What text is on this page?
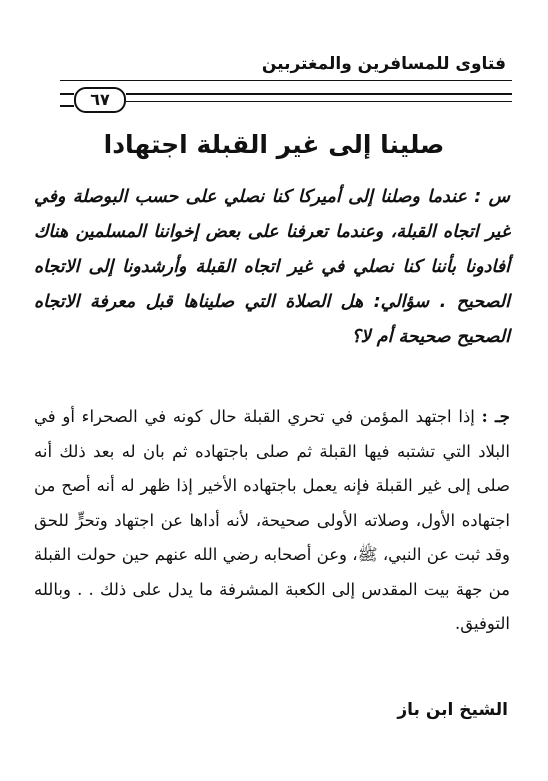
فتاوى للمسافرين والمغتربين
٦٧
صلينا إلى غير القبلة اجتهادا
س : عندما وصلنا إلى أميركا كنا نصلي على حسب البوصلة وفي غير اتجاه القبلة، وعندما تعرفنا على بعض إخواننا المسلمين هناك أفادونا بأننا كنا نصلي في غير اتجاه القبلة وأرشدونا إلى الاتجاه الصحيح . سؤالي: هل الصلاة التي صليناها قبل معرفة الاتجاه الصحيح صحيحة أم لا؟
جـ : إذا اجتهد المؤمن في تحري القبلة حال كونه في الصحراء أو في البلاد التي تشتبه فيها القبلة ثم صلى باجتهاده ثم بان له بعد ذلك أنه صلى إلى غير القبلة فإنه يعمل باجتهاده الأخير إذا ظهر له أنه أصح من اجتهاده الأول، وصلاته الأولى صحيحة، لأنه أداها عن اجتهاد وتحرٍّ للحق وقد ثبت عن النبي، ﷺ، وعن أصحابه رضي الله عنهم حين حولت القبلة من جهة بيت المقدس إلى الكعبة المشرفة ما يدل على ذلك . . وبالله التوفيق.
الشيخ ابن باز
